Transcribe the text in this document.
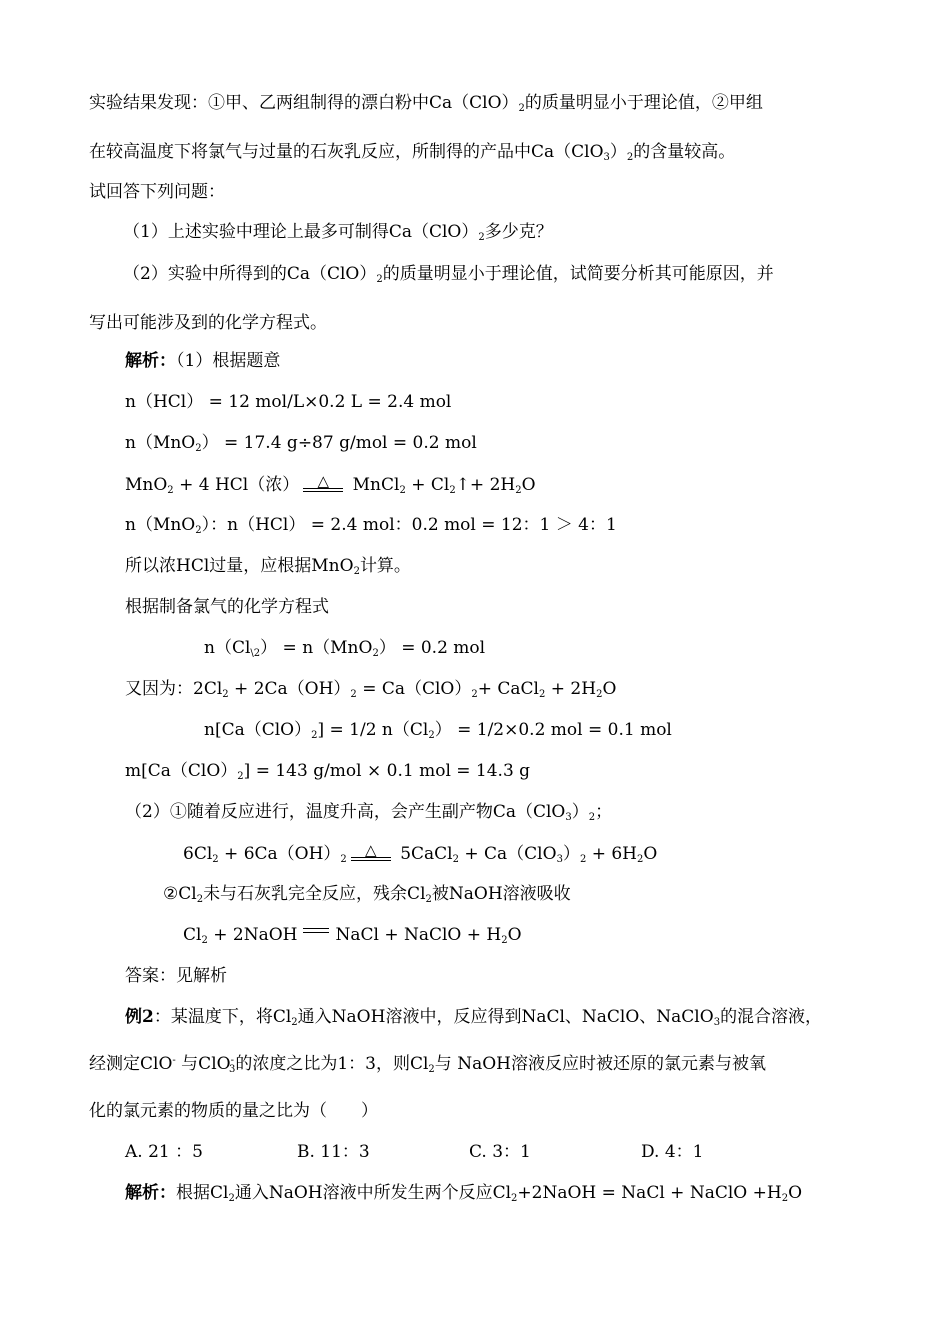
实验结果发现：①甲、乙两组制得的漂白粉中$Ca(ClO)_2$的质量明显小于理论值，②甲组
在较高温度下将氯气与过量的石灰乳反应，所制得的产品中$Ca(ClO_3)_2$的含量较高。
试回答下列问题：
（1）上述实验中理论上最多可制得$Ca(ClO)_2$多少克？
（2）实验中所得到的$Ca(ClO)_2$的质量明显小于理论值，试简要分析其可能原因，并
写出可能涉及到的化学方程式。
解析：（1）根据题意
n（HCl） = 12 mol/L×0.2 L = 2.4 mol
n（MnO$_2$） = 17.4 g÷87 g/mol = 0.2 mol
MnO$_2$ + 4 HCl（浓）	△	MnCl$_2$ + $Cl_2↑+ 2H_2O$
n（MnO$_2$）：n（HCl） = 2.4 mol：0.2 mol = 12：1 ＞ 4：1
所以浓HCl过量，应根据MnO$_2$计算。
根据制备氯气的化学方程式
$n(Cl_{\backslash 2}) = n(MnO_2) = 0.2$ mol
又因为：$2Cl_2 + 2Ca(OH)_2 = Ca(ClO)_2+$ CaCl$_2$ + $2H_2O$
$n[Ca(ClO)_2] = 1/2$ $n(Cl_2) = 1/2\times 0.2$ mol = 0.1 mol
$m[Ca(ClO)_2] = 143$ g/mol × 0.1 mol = 14.3 g
（2）①随着反应进行，温度升高，会产生副产物$Ca(ClO_3)_2$；
$6Cl_2 + 6Ca(OH)_2$
△	5CaCl$_2$ + $Ca(ClO_3)_2 + 6H_2O$
$②Cl_2$未与石灰乳完全反应，残余$Cl_2$被NaOH溶液吸收
$Cl_2$ + 2NaOH NaCl + NaClO + $H_2O$
答案：见解析
例2：某温度下，将$Cl_2$通入NaOH溶液中，反应得到NaCl、NaClO、NaClO$_3$的混合溶液，
经测定ClO- 与ClO-$_3$的浓度之比为1：3，则$Cl_2$与 NaOH溶液反应时被还原的氯元素与被氧
化的氯元素的物质的量之比为（　　）
A. 21 ：5	B. 11：3	C. 3：1	D. 4：1
解析：根据$Cl_2$通入NaOH溶液中所发生两个反应$Cl_2+2NaOH$ = NaCl + NaClO $+H_2O$
